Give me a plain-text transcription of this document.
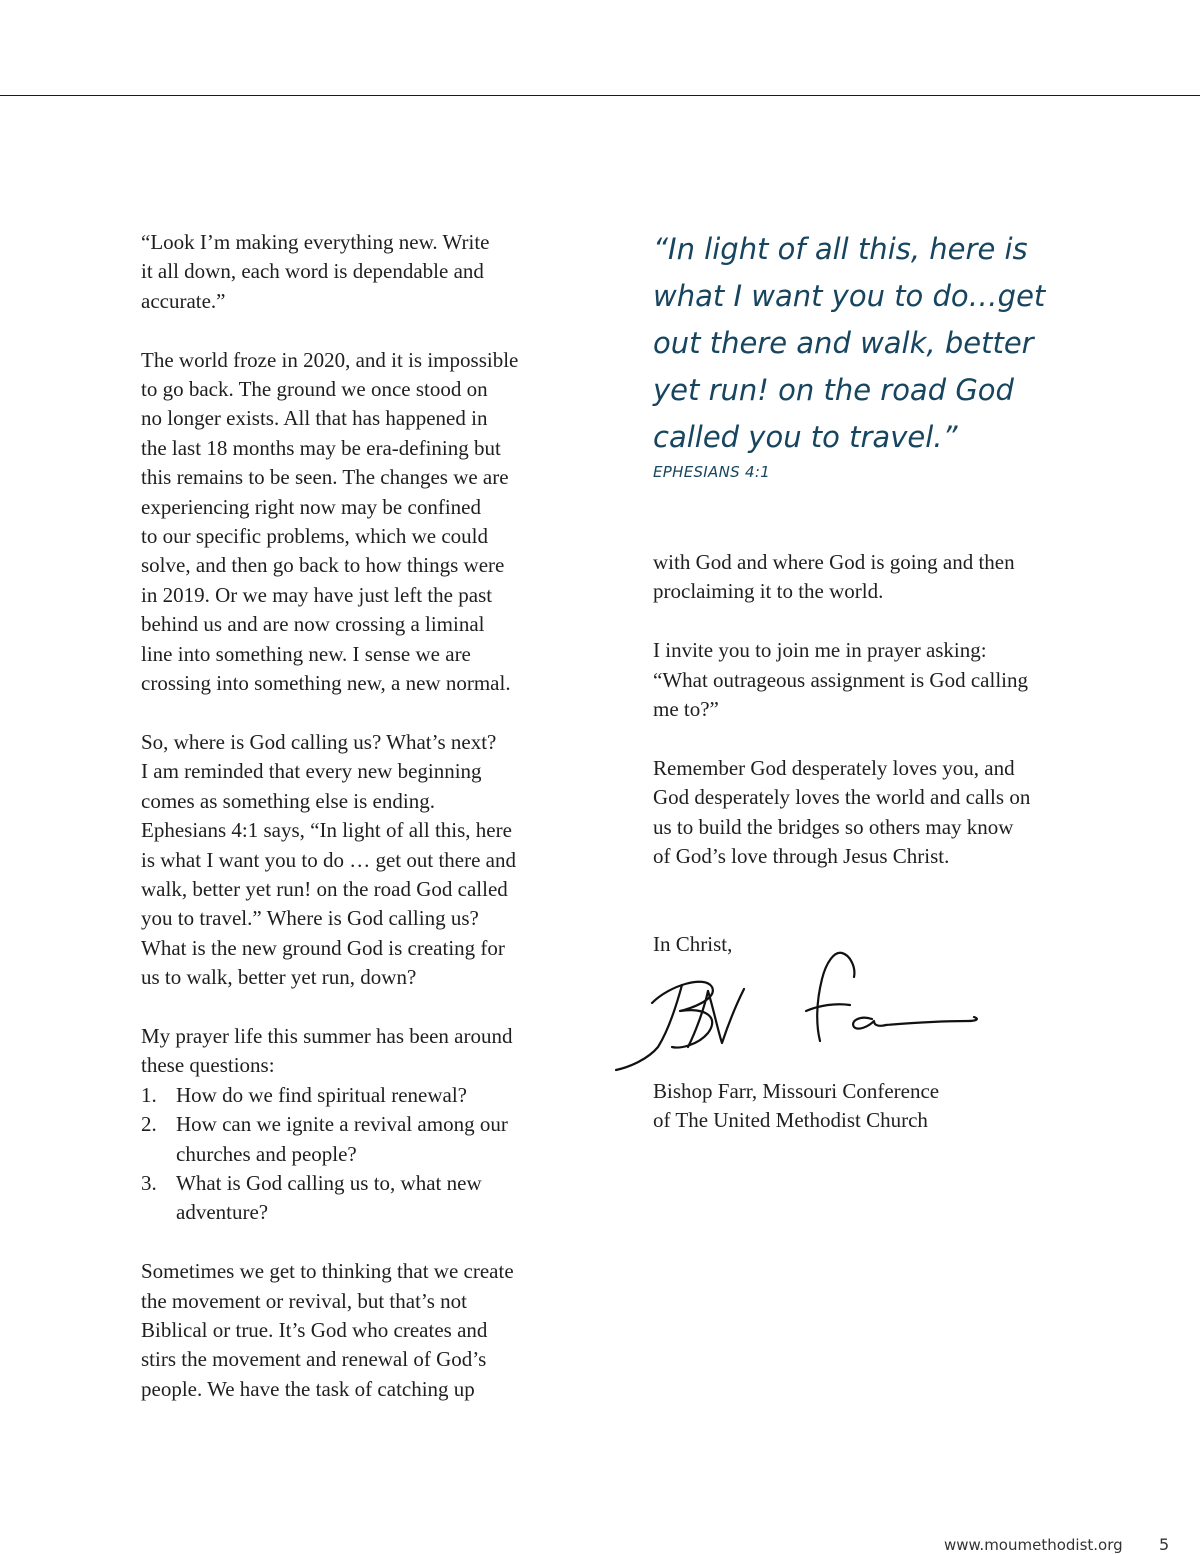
“Look I’m making everything new. Write
it all down, each word is dependable and
accurate.”

The world froze in 2020, and it is impossible
to go back. The ground we once stood on
no longer exists. All that has happened in
the last 18 months may be era-defining but
this remains to be seen. The changes we are
experiencing right now may be confined
to our specific problems, which we could
solve, and then go back to how things were
in 2019. Or we may have just left the past
behind us and are now crossing a liminal
line into something new. I sense we are
crossing into something new, a new normal.

So, where is God calling us? What’s next?
I am reminded that every new beginning
comes as something else is ending.
Ephesians 4:1 says, “In light of all this, here
is what I want you to do … get out there and
walk, better yet run! on the road God called
you to travel.” Where is God calling us?
What is the new ground God is creating for
us to walk, better yet run, down?

My prayer life this summer has been around
these questions:

1. How do we find spiritual renewal?
2. How can we ignite a revival among our
churches and people?
3. What is God calling us to, what new
adventure?

Sometimes we get to thinking that we create
the movement or revival, but that’s not
Biblical or true. It’s God who creates and
stirs the movement and renewal of God’s
people. We have the task of catching up

“In light of all this, here is
what I want you to do…get
out there and walk, better
yet run! on the road God
called you to travel.”

EPHESIANS 4:1

with God and where God is going and then
proclaiming it to the world.

I invite you to join me in prayer asking:
“What outrageous assignment is God calling
me to?”

Remember God desperately loves you, and
God desperately loves the world and calls on
us to build the bridges so others may know
of God’s love through Jesus Christ.

In Christ,
Bishop Farr, Missouri Conference
of The United Methodist Church
www.moumethodist.org 5
